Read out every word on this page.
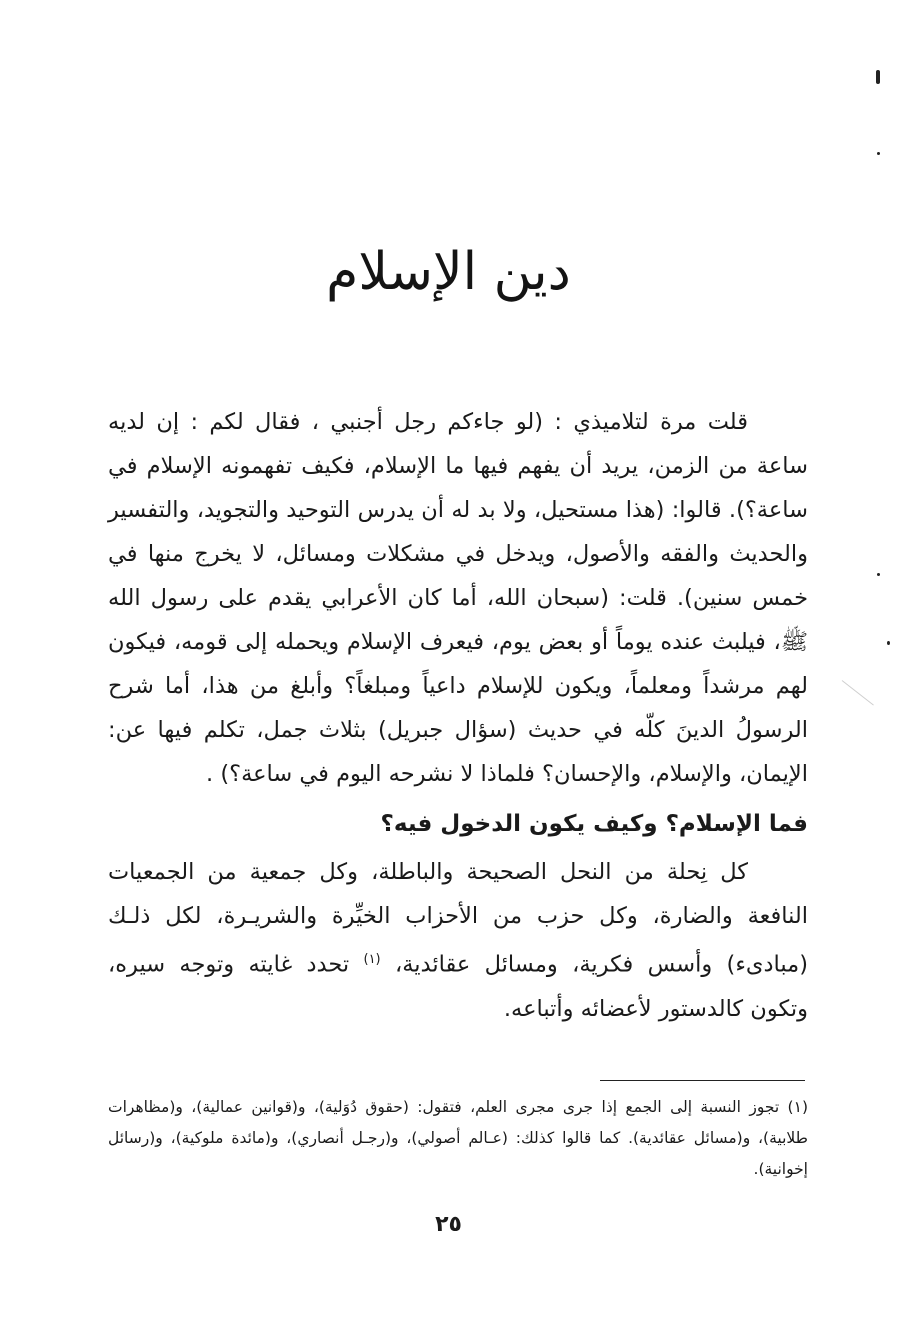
دين الإسلام

قلت مرة لتلاميذي : (لو جاءكم رجل أجنبي ، فقال لكم : إن لديه ساعة من الزمن، يريد أن يفهم فيها ما الإسلام، فكيف تفهمونه الإسلام في ساعة؟). قالوا: (هذا مستحيل، ولا بد له أن يدرس التوحيد والتجويد، والتفسير والحديث والفقه والأصول، ويدخل في مشكلات ومسائل، لا يخرج منها في خمس سنين). قلت: (سبحان الله، أما كان الأعرابي يقدم على رسول الله ﷺ، فيلبث عنده يوماً أو بعض يوم، فيعرف الإسلام ويحمله إلى قومه، فيكون لهم مرشداً ومعلماً، ويكون للإسلام داعياً ومبلغاً؟ وأبلغ من هذا، أما شرح الرسولُ الدينَ كلّه في حديث (سؤال جبريل) بثلاث جمل، تكلم فيها عن: الإيمان، والإسلام، والإحسان؟ فلماذا لا نشرحه اليوم في ساعة؟) .

فما الإسلام؟ وكيف يكون الدخول فيه؟

كل نِحلة من النحل الصحيحة والباطلة، وكل جمعية من الجمعيات النافعة والضارة، وكل حزب من الأحزاب الخيِّرة والشريـرة، لكل ذلـك (مبادىء) وأسس فكرية، ومسائل عقائدية، $^{(١)}$ تحدد غايته وتوجه سيره، وتكون كالدستور لأعضائه وأتباعه.

(١) تجوز النسبة إلى الجمع إذا جرى مجرى العلم، فتقول: (حقوق دُوَلية)، و(قوانين عمالية)، و(مظاهرات طلابية)، و(مسائل عقائدية). كما قالوا كذلك: (عـالم أصولي)، و(رجـل أنصاري)، و(مائدة ملوكية)، و(رسائل إخوانية).

٢٥
